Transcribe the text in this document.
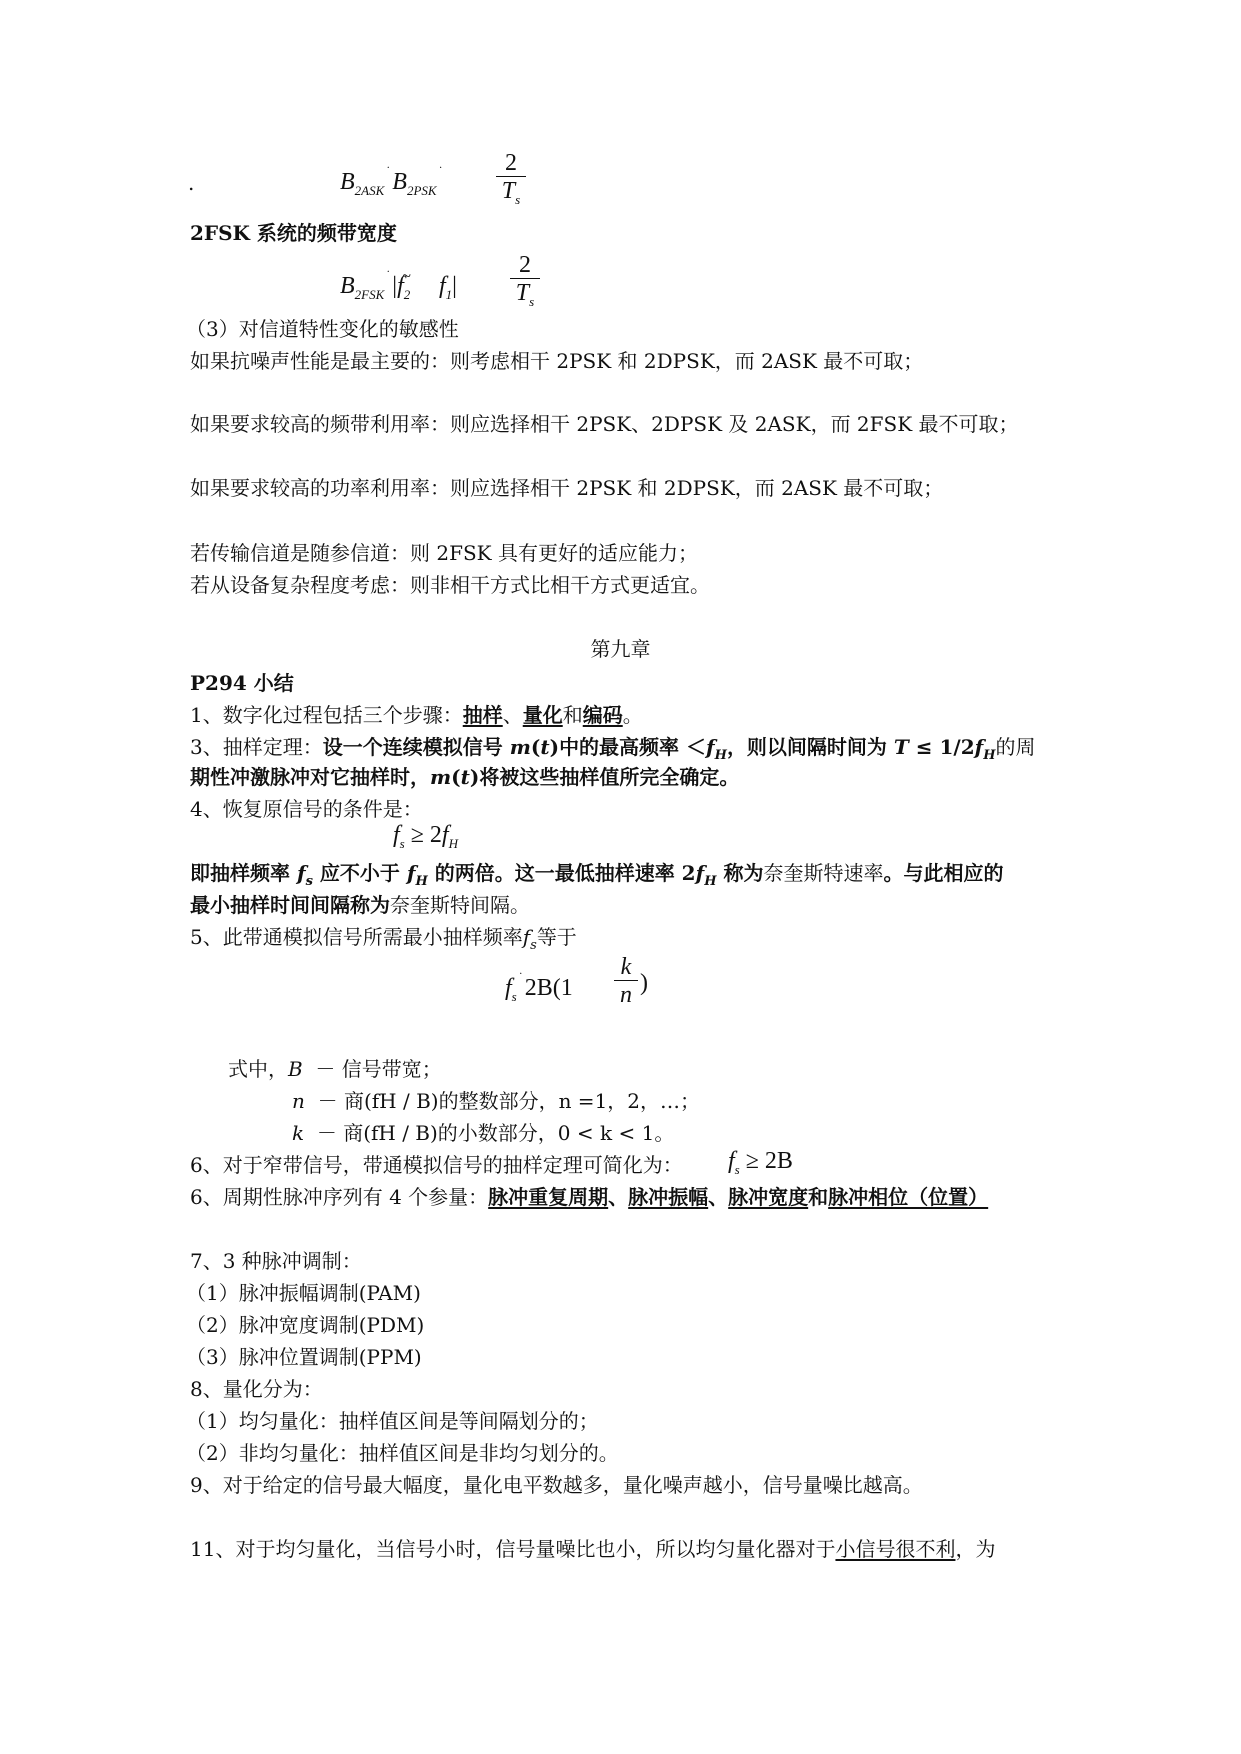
.	$B_{2ASK}$ $B_{2PSK}$
2
$T_s$
2FSK 系统的频带宽度
$B_{2FSK}$ $|f_2^\sim$ $f_1|$
2
$T_s$
（3）对信道特性变化的敏感性
如果抗噪声性能是最主要的：则考虑相干 2PSK 和 2DPSK，而 2ASK 最不可取；
如果要求较高的频带利用率：则应选择相干 2PSK、2DPSK 及 2ASK，而 2FSK 最不可取；
如果要求较高的功率利用率：则应选择相干 2PSK 和 2DPSK，而 2ASK 最不可取；
若传输信道是随参信道：则 2FSK 具有更好的适应能力；
若从设备复杂程度考虑：则非相干方式比相干方式更适宜。
第九章
P294 小结
1、数字化过程包括三个步骤：抽样、量化和编码。
3、抽样定理：设一个连续模拟信号 m(t)中的最高频率 $<f_H$，则以间隔时间为 $T \le 1/2f_H$的周
期性冲激脉冲对它抽样时，m(t)将被这些抽样值所完全确定。
4、恢复原信号的条件是：
$f_s \ge 2f_H$
即抽样频率 $f_s$ 应不小于 $f_H$ 的两倍。这一最低抽样速率 $2f_H$ 称为奈奎斯特速率。与此相应的
最小抽样时间间隔称为奈奎斯特间隔。
5、此带通模拟信号所需最小抽样频率$f_s$等于
$f_s$ 2B(1
k
n )
式中，B － 信号带宽；
n － 商(fH / B)的整数部分，n =1，2，…；
k － 商(fH / B)的小数部分，0 < k < 1。
6、对于窄带信号，带通模拟信号的抽样定理可简化为： $f_s \ge 2B$
6、周期性脉冲序列有 4 个参量：脉冲重复周期、脉冲振幅、脉冲宽度和脉冲相位（位置）
7、3 种脉冲调制：
（1）脉冲振幅调制(PAM)
（2）脉冲宽度调制(PDM)
（3）脉冲位置调制(PPM)
8、量化分为：
（1）均匀量化：抽样值区间是等间隔划分的；
（2）非均匀量化：抽样值区间是非均匀划分的。
9、对于给定的信号最大幅度，量化电平数越多，量化噪声越小，信号量噪比越高。
11、对于均匀量化，当信号小时，信号量噪比也小，所以均匀量化器对于小信号很不利，为
